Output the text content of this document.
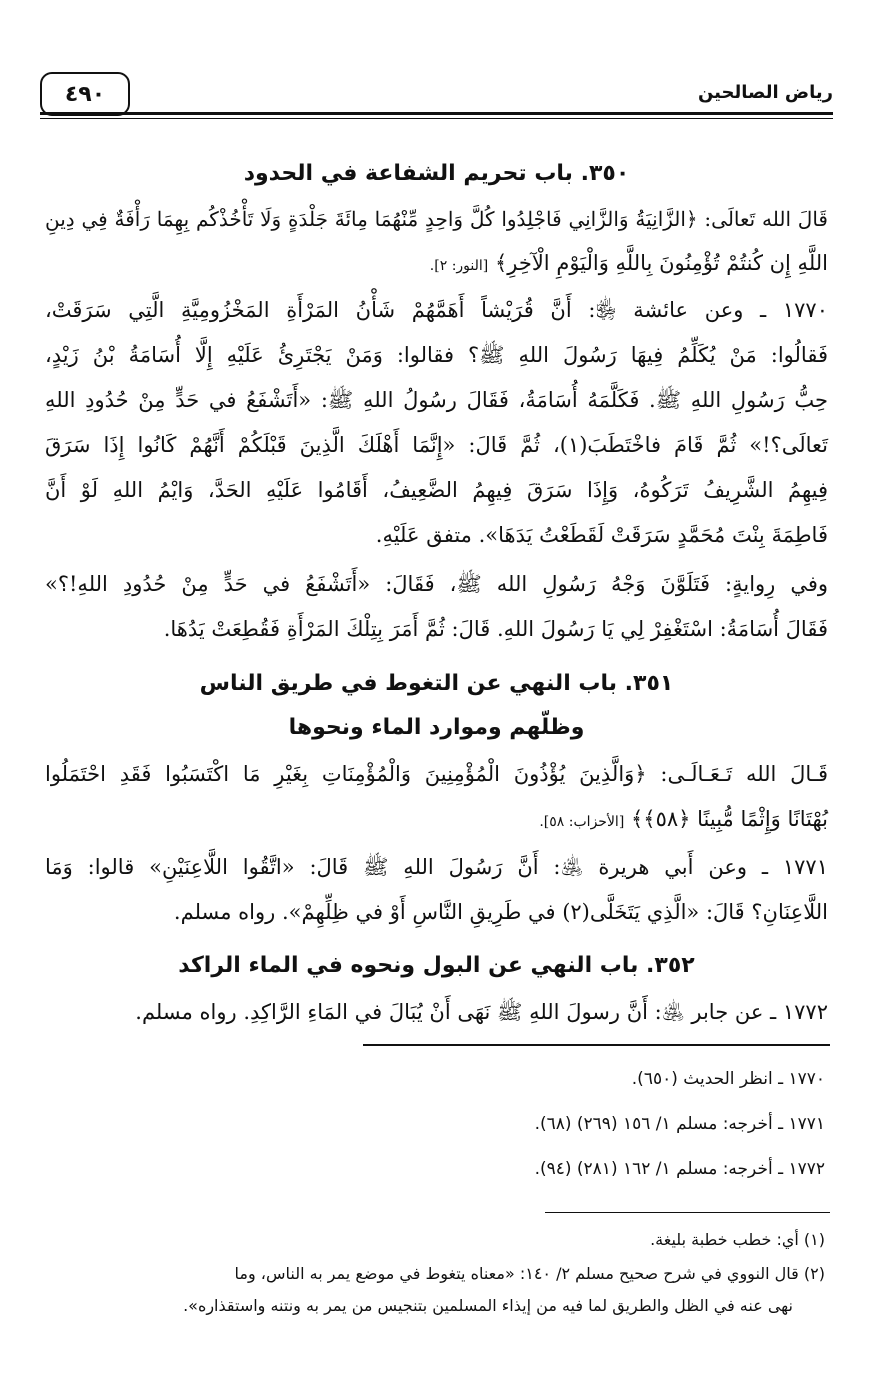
رياض الصالحين
٤٩٠
٣٥٠. باب تحريم الشفاعة في الحدود
قَالَ الله تَعالَى: ﴿الزَّانِيَةُ وَالزَّانِي فَاجْلِدُوا كُلَّ وَاحِدٍ مِّنْهُمَا مِائَةَ جَلْدَةٍ وَلَا تَأْخُذْكُم بِهِمَا رَأْفَةٌ فِي دِينِ
اللَّهِ إِن كُنتُمْ تُؤْمِنُونَ بِاللَّهِ وَالْيَوْمِ الْآخِرِ﴾ [النور: ٢].
١٧٧٠ ـ وعن عائشة ﵂: أَنَّ قُرَيْشاً أَهَمَّهُمْ شَأْنُ المَرْأَةِ المَخْزُومِيَّةِ الَّتِي سَرَقَتْ،
فَقالُوا: مَنْ يُكَلِّمُ فِيهَا رَسُولَ اللهِ ﷺ؟ فقالوا: وَمَنْ يَجْتَرِئُ عَلَيْهِ إِلَّا أُسَامَةُ بْنُ زَيْدٍ،
حِبُّ رَسُولِ اللهِ ﷺ. فَكَلَّمَهُ أُسَامَةُ، فَقَالَ رسُولُ اللهِ ﷺ: «أَتَشْفَعُ في حَدٍّ مِنْ حُدُودِ اللهِ
تَعالَى؟!» ثُمَّ قَامَ فاخْتَطَبَ(١)، ثُمَّ قَالَ: «إِنَّمَا أَهْلَكَ الَّذِينَ قَبْلَكُمْ أَنَّهُمْ كَانُوا إِذَا سَرَقَ
فِيهِمُ الشَّرِيفُ تَرَكُوهُ، وَإِذَا سَرَقَ فِيهِمُ الضَّعِيفُ، أَقَامُوا عَلَيْهِ الحَدَّ، وَايْمُ اللهِ لَوْ أَنَّ
فَاطِمَةَ بِنْتَ مُحَمَّدٍ سَرَقَتْ لَقَطَعْتُ يَدَهَا». متفق عَلَيْهِ.
وفي رِوايةٍ: فَتَلَوَّنَ وَجْهُ رَسُولِ الله ﷺ، فَقَالَ: «أَتَشْفَعُ في حَدٍّ مِنْ حُدُودِ اللهِ!؟»
فَقَالَ أُسَامَةُ: اسْتَغْفِرْ لِي يَا رَسُولَ اللهِ. قَالَ: ثُمَّ أَمَرَ بِتِلْكَ المَرْأَةِ فَقُطِعَتْ يَدُهَا.
٣٥١. باب النهي عن التغوط في طريق الناس
وظلّهم وموارد الماء ونحوها
قَـالَ الله تَـعَـالَـى: ﴿وَالَّذِينَ يُؤْذُونَ الْمُؤْمِنِينَ وَالْمُؤْمِنَاتِ بِغَيْرِ مَا اكْتَسَبُوا فَقَدِ احْتَمَلُوا
بُهْتَانًا وَإِثْمًا مُّبِينًا ﴿٥٨﴾﴾ [الأحزاب: ٥٨].
١٧٧١ ـ وعن أَبي هريرة ﵁: أَنَّ رَسُولَ اللهِ ﷺ قَالَ: «اتَّقُوا اللَّاعِنَيْنِ» قالوا: وَمَا
اللَّاعِنَانِ؟ قَالَ: «الَّذِي يَتَخَلَّى(٢) في طَرِيقِ النَّاسِ أَوْ في ظِلِّهِمْ». رواه مسلم.
٣٥٢. باب النهي عن البول ونحوه في الماء الراكد
١٧٧٢ ـ عن جابر ﵁: أَنَّ رسولَ اللهِ ﷺ نَهَى أَنْ يُبَالَ في المَاءِ الرَّاكِدِ. رواه مسلم.
١٧٧٠ ـ انظر الحديث (٦٥٠).
١٧٧١ ـ أخرجه: مسلم ١/ ١٥٦ (٢٦٩) (٦٨).
١٧٧٢ ـ أخرجه: مسلم ١/ ١٦٢ (٢٨١) (٩٤).
(١) أي: خطب خطبة بليغة.
(٢) قال النووي في شرح صحيح مسلم ٢/ ١٤٠: «معناه يتغوط في موضع يمر به الناس، وما
نهى عنه في الظل والطريق لما فيه من إيذاء المسلمين بتنجيس من يمر به ونتنه واستقذاره».
